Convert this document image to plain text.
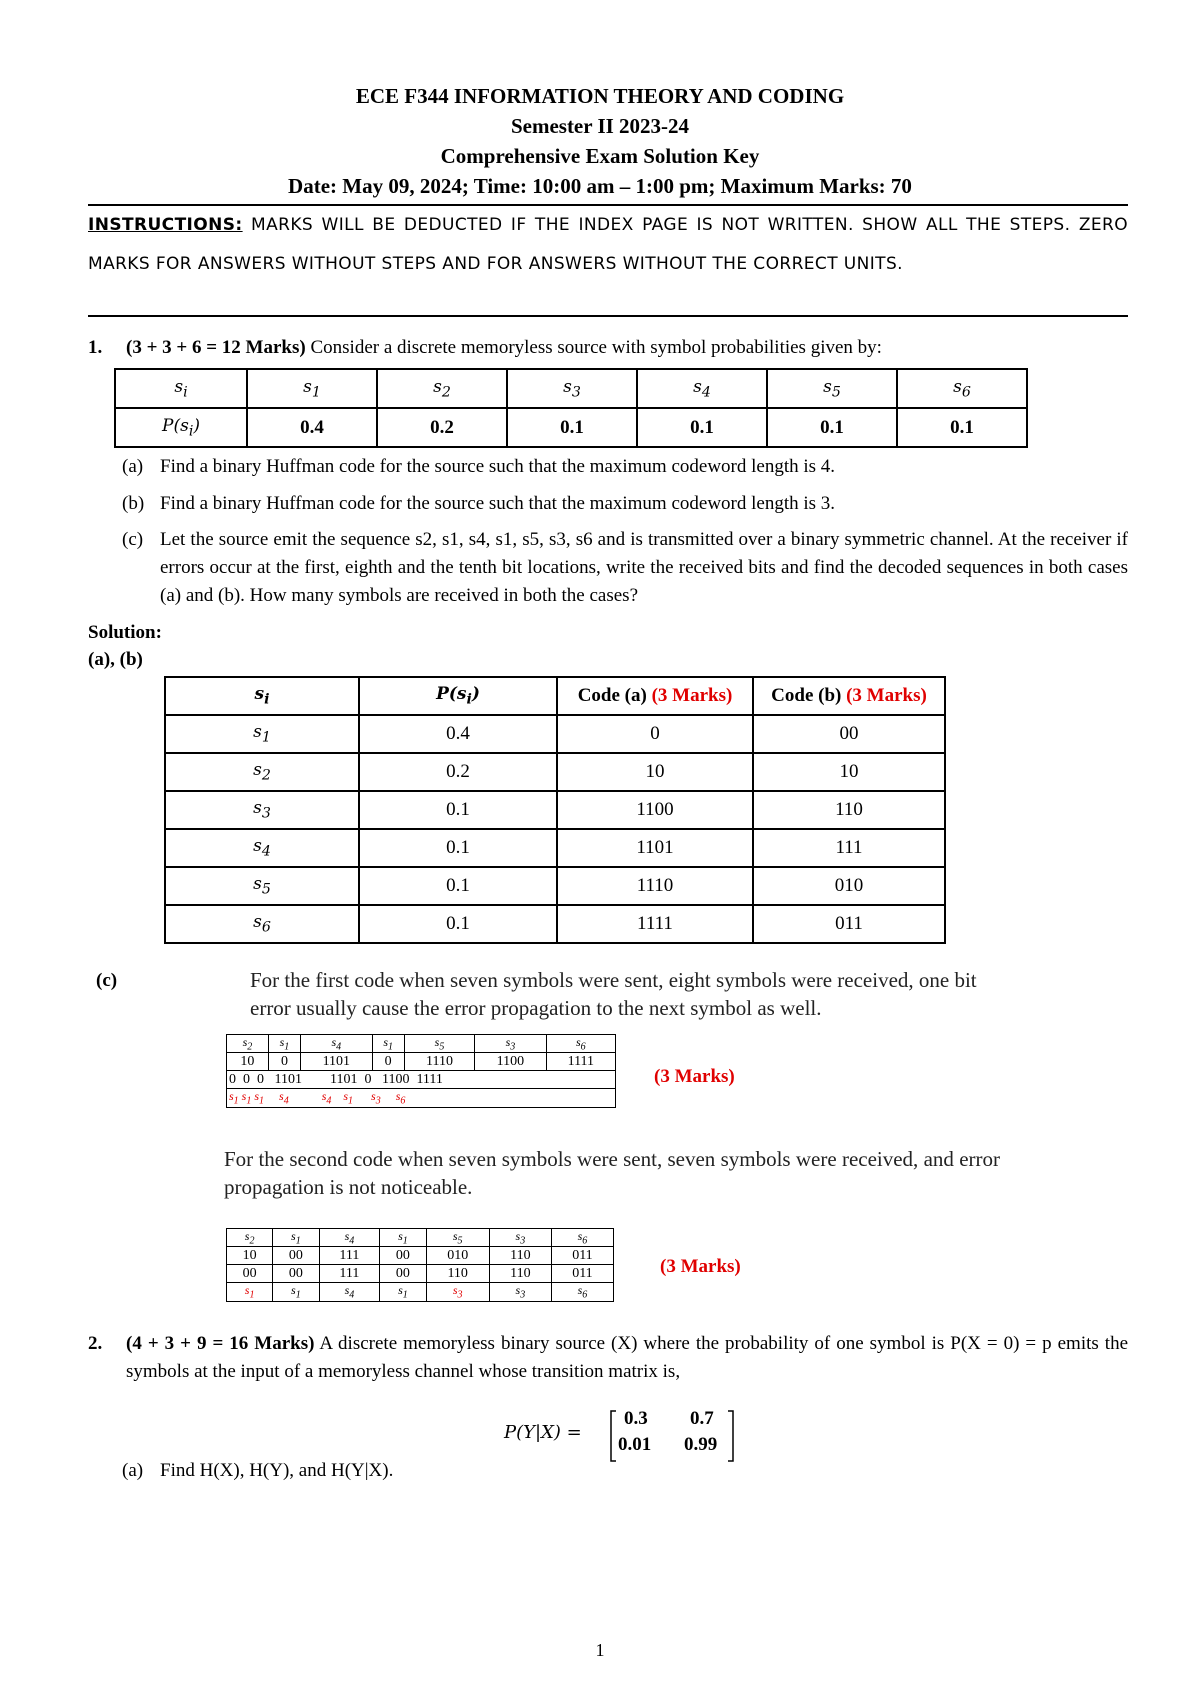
ECE F344 INFORMATION THEORY AND CODING
Semester II 2023-24
Comprehensive Exam Solution Key
Date: May 09, 2024; Time: 10:00 am – 1:00 pm; Maximum Marks: 70
INSTRUCTIONS: MARKS WILL BE DEDUCTED IF THE INDEX PAGE IS NOT WRITTEN. SHOW ALL THE STEPS. ZERO MARKS FOR ANSWERS WITHOUT STEPS AND FOR ANSWERS WITHOUT THE CORRECT UNITS.
1. (3 + 3 + 6 = 12 Marks) Consider a discrete memoryless source with symbol probabilities given by:
$s_i$	$s_1$	$s_2$	$s_3$	$s_4$	$s_5$	$s_6$
$P(s_i)$	0.4	0.2	0.1	0.1	0.1	0.1
(a) Find a binary Huffman code for the source such that the maximum codeword length is 4.
(b) Find a binary Huffman code for the source such that the maximum codeword length is 3.
(c) Let the source emit the sequence s2, s1, s4, s1, s5, s3, s6 and is transmitted over a binary symmetric channel. At the receiver if errors occur at the first, eighth and the tenth bit locations, write the received bits and find the decoded sequences in both cases (a) and (b). How many symbols are received in both the cases?
Solution:
(a), (b)
$s_i$	$P(s_i)$	Code (a) (3 Marks)	Code (b) (3 Marks)
$s_1$	0.4	0	00
$s_2$	0.2	10	10
$s_3$	0.1	1100	110
$s_4$	0.1	1101	111
$s_5$	0.1	1110	010
$s_6$	0.1	1111	011
(c)	For the first code when seven symbols were sent, eight symbols were received, one bit error usually cause the error propagation to the next symbol as well.
$s_2$	$s_1$	$s_4$	$s_1$	$s_5$	$s_3$	$s_6$
10	0	1101	0	1110	1100	1111
0  0  0   1101        1101  0   1100  1111						
$s_1$ $s_1$ $s_1$     $s_4$           $s_4$    $s_1$      $s_3$     $s_6$
(3 Marks)
For the second code when seven symbols were sent, seven symbols were received, and error propagation is not noticeable.
$s_2$	$s_1$	$s_4$	$s_1$	$s_5$	$s_3$	$s_6$
10	00	111	00	010	110	011
00	00	111	00	110	110	011
$s_1$	$s_1$	$s_4$	$s_1$	$s_3$	$s_3$	$s_6$
(3 Marks)
2. (4 + 3 + 9 = 16 Marks) A discrete memoryless binary source (X) where the probability of one symbol is P(X = 0) = p emits the symbols at the input of a memoryless channel whose transition matrix is,
P(Y|X) =
0.3 0.7
0.01 0.99
(a) Find H(X), H(Y), and H(Y|X).
1
